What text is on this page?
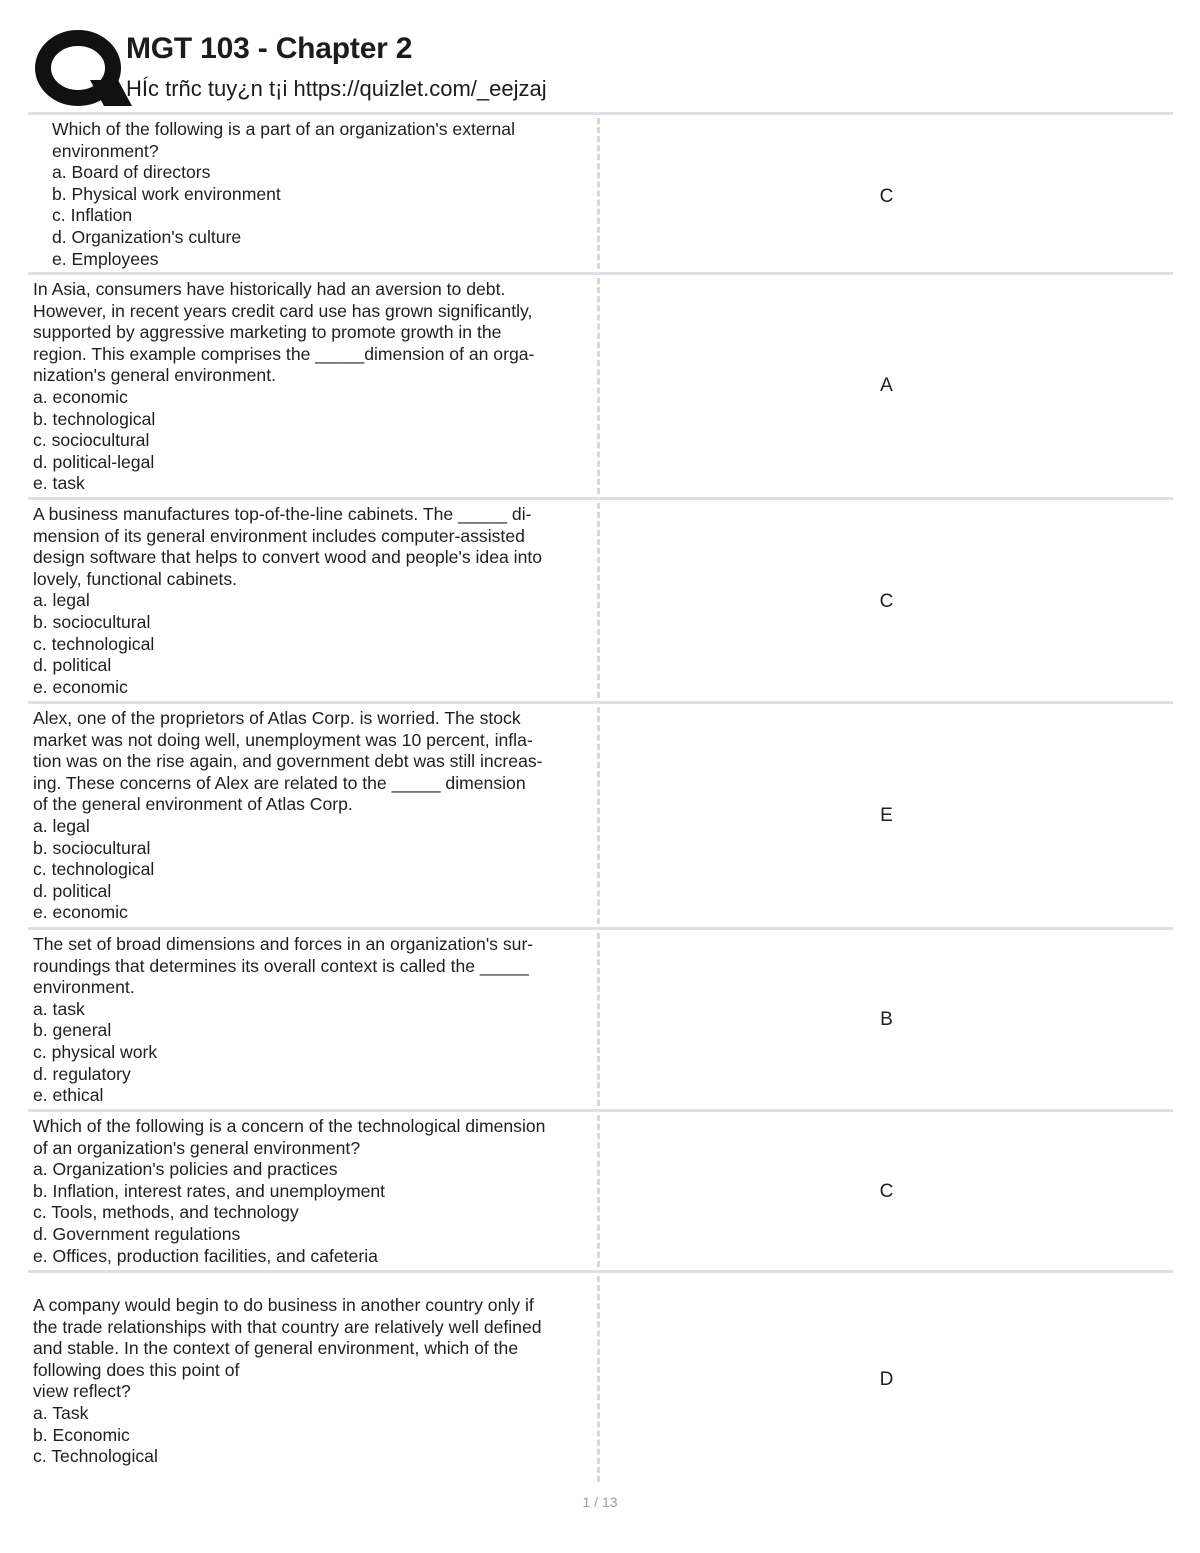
MGT 103 - Chapter 2
HÍc trñc tuy¿n t¡i https://quizlet.com/_eejzaj
Which of the following is a part of an organization's external
environment?
a. Board of directors
b. Physical work environment
c. Inflation
d. Organization's culture
e. Employees
C
In Asia, consumers have historically had an aversion to debt.
However, in recent years credit card use has grown significantly,
supported by aggressive marketing to promote growth in the
region. This example comprises the _____dimension of an orga-
nization's general environment.
a. economic
b. technological
c. sociocultural
d. political-legal
e. task
A
A business manufactures top-of-the-line cabinets. The _____ di-
mension of its general environment includes computer-assisted
design software that helps to convert wood and people's idea into
lovely, functional cabinets.
a. legal
b. sociocultural
c. technological
d. political
e. economic
C
Alex, one of the proprietors of Atlas Corp. is worried. The stock
market was not doing well, unemployment was 10 percent, infla-
tion was on the rise again, and government debt was still increas-
ing. These concerns of Alex are related to the _____ dimension
of the general environment of Atlas Corp.
a. legal
b. sociocultural
c. technological
d. political
e. economic
E
The set of broad dimensions and forces in an organization's sur-
roundings that determines its overall context is called the _____
environment.
a. task
b. general
c. physical work
d. regulatory
e. ethical
B
Which of the following is a concern of the technological dimension
of an organization's general environment?
a. Organization's policies and practices
b. Inflation, interest rates, and unemployment
c. Tools, methods, and technology
d. Government regulations
e. Offices, production facilities, and cafeteria
C
A company would begin to do business in another country only if
the trade relationships with that country are relatively well defined
and stable. In the context of general environment, which of the
following does this point of
view reflect?
a. Task
b. Economic
c. Technological
D
1 / 13
